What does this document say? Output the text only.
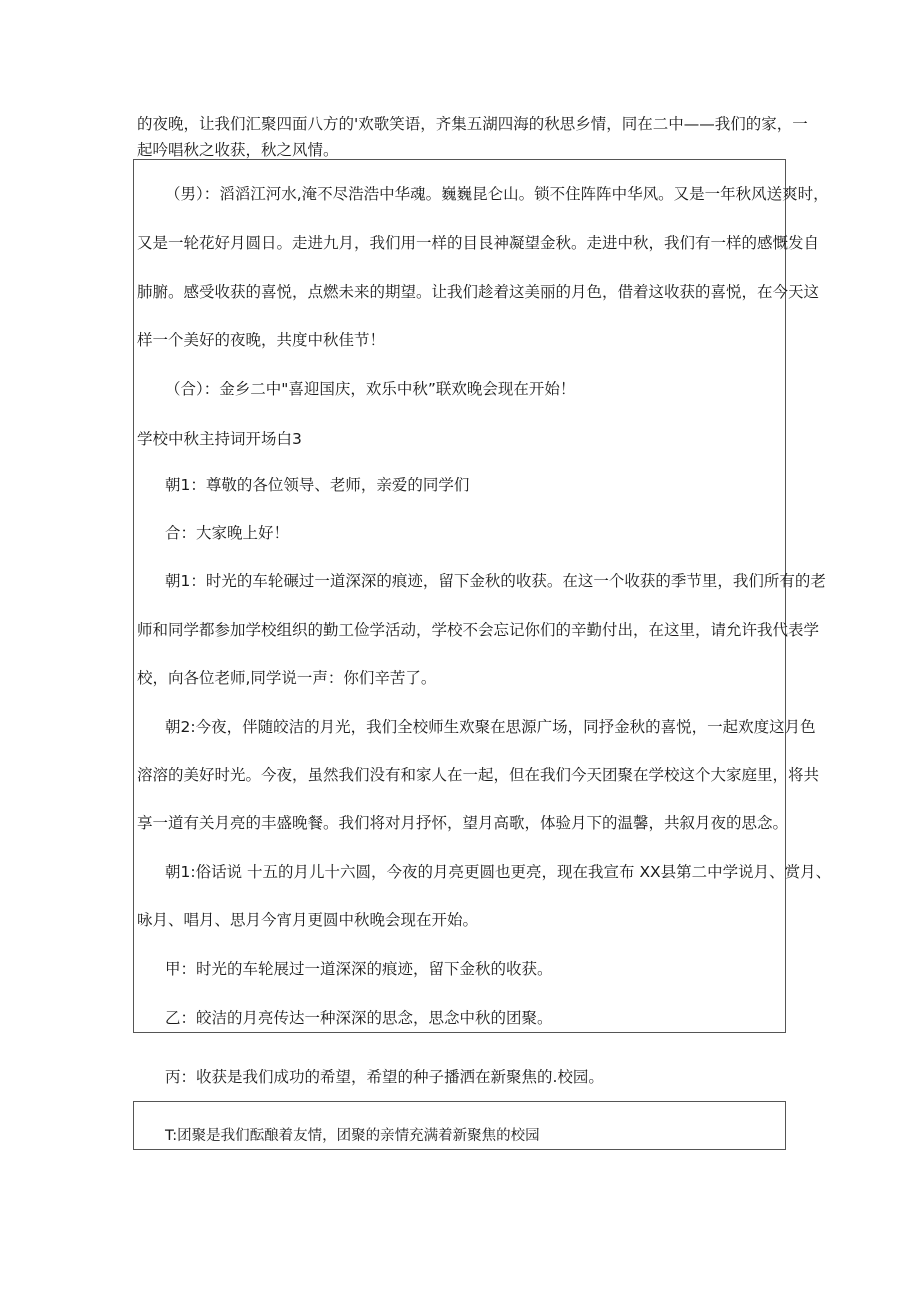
的夜晚，让我们汇聚四面八方的'欢歌笑语，齐集五湖四海的秋思乡情，同在二中——我们的家，一
起吟唱秋之收获，秋之风情。
（男）：滔滔江河水,淹不尽浩浩中华魂。巍巍昆仑山。锁不住阵阵中华风。又是一年秋风送爽时，
又是一轮花好月圆日。走进九月，我们用一样的目艮神凝望金秋。走进中秋，我们有一样的感慨发自
肺腑。感受收获的喜悦，点燃未来的期望。让我们趁着这美丽的月色，借着这收获的喜悦，在今天这
样一个美好的夜晚，共度中秋佳节！
（合）：金乡二中"喜迎国庆，欢乐中秋”联欢晚会现在开始！
学校中秋主持词开场白3
朝1：尊敬的各位领导、老师，亲爱的同学们
合：大家晚上好！
朝1：时光的车轮碾过一道深深的痕迹，留下金秋的收获。在这一个收获的季节里，我们所有的老
师和同学都参加学校组织的勤工俭学活动，学校不会忘记你们的辛勤付出，在这里，请允许我代表学
校，向各位老师,同学说一声：你们辛苦了。
朝2:今夜，伴随皎洁的月光，我们全校师生欢聚在思源广场，同抒金秋的喜悦，一起欢度这月色
溶溶的美好时光。今夜，虽然我们没有和家人在一起，但在我们今天团聚在学校这个大家庭里，将共
享一道有关月亮的丰盛晚餐。我们将对月抒怀，望月高歌，体验月下的温馨，共叙月夜的思念。
朝1:俗话说 十五的月儿十六圆，今夜的月亮更圆也更亮，现在我宣布 XX县第二中学说月、赏月、
咏月、唱月、思月今宵月更圆中秋晚会现在开始。
甲：时光的车轮展过一道深深的痕迹，留下金秋的收获。
乙：皎洁的月亮传达一种深深的思念，思念中秋的团聚。
丙：收获是我们成功的希望，希望的种子播洒在新聚焦的.校园。
T:团聚是我们酝酿着友情，团聚的亲情充满着新聚焦的校园
